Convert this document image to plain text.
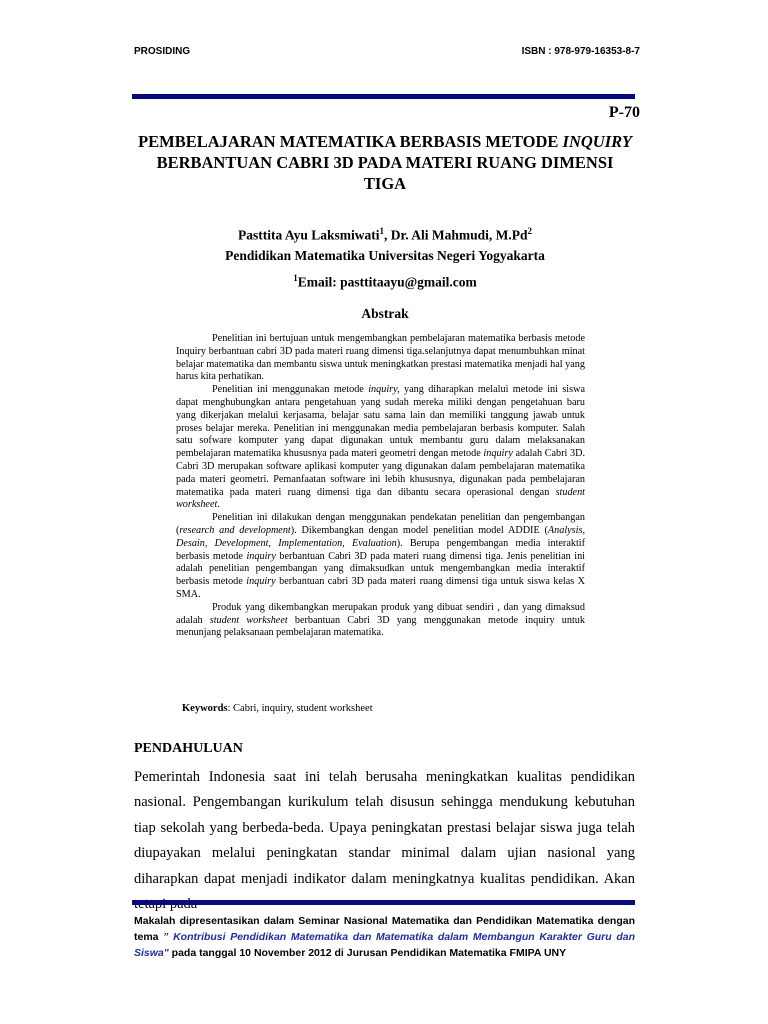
PROSIDING	ISBN : 978-979-16353-8-7
P-70
PEMBELAJARAN MATEMATIKA BERBASIS METODE INQUIRY
BERBANTUAN CABRI 3D PADA MATERI RUANG DIMENSI
TIGA
Pasttita Ayu Laksmiwati$^1$, Dr. Ali Mahmudi, M.Pd$^2$
Pendidikan Matematika Universitas Negeri Yogyakarta
$^1$Email: pasttitaayu@gmail.com
Abstrak

Penelitian ini bertujuan untuk mengembangkan pembelajaran matematika berbasis metode Inquiry berbantuan cabri 3D pada materi ruang dimensi tiga.selanjutnya dapat menumbuhkan minat belajar matematika dan membantu siswa untuk meningkatkan prestasi matematika menjadi hal yang harus kita perhatikan.

Penelitian ini menggunakan metode inquiry, yang diharapkan melalui metode ini siswa dapat menghubungkan antara pengetahuan yang sudah mereka miliki dengan pengetahuan baru yang dikerjakan melalui kerjasama, belajar satu sama lain dan memiliki tanggung jawab untuk proses belajar mereka. Penelitian ini menggunakan media pembelajaran berbasis komputer. Salah satu sofware komputer yang dapat digunakan untuk membantu guru dalam melaksanakan pembelajaran matematika khususnya pada materi geometri dengan metode inquiry adalah Cabri 3D. Cabri 3D merupakan software aplikasi komputer yang digunakan dalam pembelajaran matematika pada materi geometri. Pemanfaatan software ini lebih khususnya, digunakan pada pembelajaran matematika pada materi ruang dimensi tiga dan dibantu secara operasional dengan student worksheet.

Penelitian ini dilakukan dengan menggunakan pendekatan penelitian dan pengembangan (research and development). Dikembangkan dengan model penelitian model ADDIE (Analysis, Desain, Development, Implementation, Evaluation). Berupa pengembangan media interaktif berbasis metode inquiry berbantuan Cabri 3D pada materi ruang dimensi tiga. Jenis penelitian ini adalah penelitian pengembangan yang dimaksudkan untuk mengembangkan media interaktif berbasis metode inquiry berbantuan cabri 3D pada materi ruang dimensi tiga untuk siswa kelas X SMA.

Produk yang dikembangkan merupakan produk yang dibuat sendiri , dan yang dimaksud adalah student worksheet berbantuan Cabri 3D yang menggunakan metode inquiry untuk menunjang pelaksanaan pembelajaran matematika.

Keywords: Cabri, inquiry, student worksheet
PENDAHULUAN

Pemerintah Indonesia saat ini telah berusaha meningkatkan kualitas pendidikan nasional. Pengembangan kurikulum telah disusun sehingga mendukung kebutuhan tiap sekolah yang berbeda-beda. Upaya peningkatan prestasi belajar siswa juga telah diupayakan melalui peningkatan standar minimal dalam ujian nasional yang diharapkan dapat menjadi indikator dalam meningkatnya kualitas pendidikan. Akan

Makalah dipresentasikan dalam Seminar Nasional Matematika dan Pendidikan Matematika dengan tema ” Kontribusi Pendidikan Matematika dan Matematika dalam Membangun Karakter Guru dan Siswa" pada tanggal 10 November 2012 di Jurusan Pendidikan Matematika FMIPA UNY
